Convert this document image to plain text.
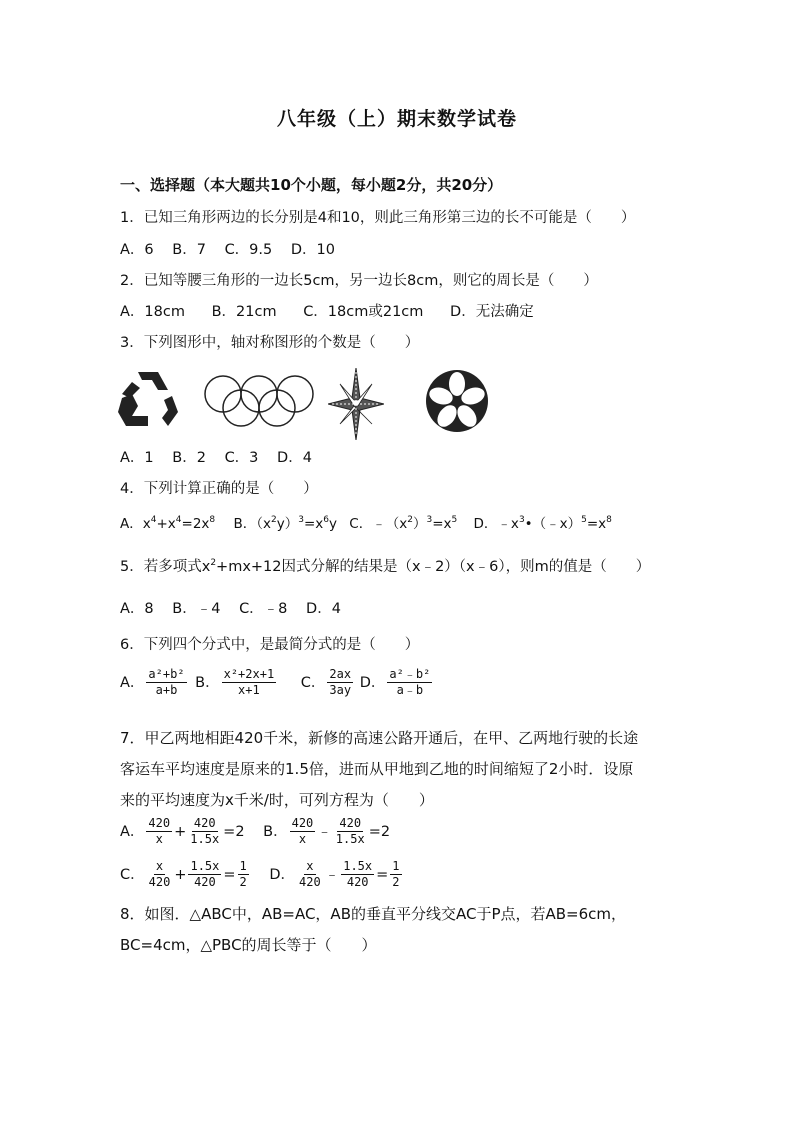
八年级（上）期末数学试卷
一、选择题（本大题共10个小题，每小题2分，共20分）
1．已知三角形两边的长分别是4和10，则此三角形第三边的长不可能是（　　）
A．6 B．7 C．9.5 D．10
2．已知等腰三角形的一边长5cm，另一边长8cm，则它的周长是（　　）
A．18cm B．21cm C．18cm或21cm D．无法确定
3．下列图形中，轴对称图形的个数是（　　）
A．1 B．2 C．3 D．4
4．下列计算正确的是（　　）
A．$x^4+x^4=2x^8$ B．$(x^2y)^3=x^6y$ C．$﹣(x^2)^3=x^5$ D．$﹣x^3•(﹣x)^5=x^8$
5．若多项式$x^2+mx+12$因式分解的结果是（x﹣2）（x﹣6），则m的值是（　　）
A．8 B．﹣4 C．﹣8 D．4
6．下列四个分式中，是最简分式的是（　　）
A． $\frac{\text{a²+b²}}{a+b}$ B． $\frac{\text{x²+2x+1}}{x+1}$ C． $\frac{2ax}{3ay}$ D． $\frac{\text{a²﹣b²}}{a﹣b}$
7．甲乙两地相距420千米，新修的高速公路开通后，在甲、乙两地行驶的长途
客运车平均速度是原来的1.5倍，进而从甲地到乙地的时间缩短了2小时．设原
来的平均速度为x千米/时，可列方程为（　　）
A． $\frac{420}{x} + \frac{420}{1.5x} =2$ B． $\frac{420}{x}$ ﹣ $\frac{420}{1.5x} =2$
C． $\frac{x}{420} + \frac{1.5x}{420} = \frac{1}{2}$ D． $\frac{x}{420}$ ﹣ $\frac{1.5x}{420} = \frac{1}{2}$
8．如图．△ABC中，AB=AC，AB的垂直平分线交AC于P点，若AB=6cm，
BC=4cm，△PBC的周长等于（　　）
